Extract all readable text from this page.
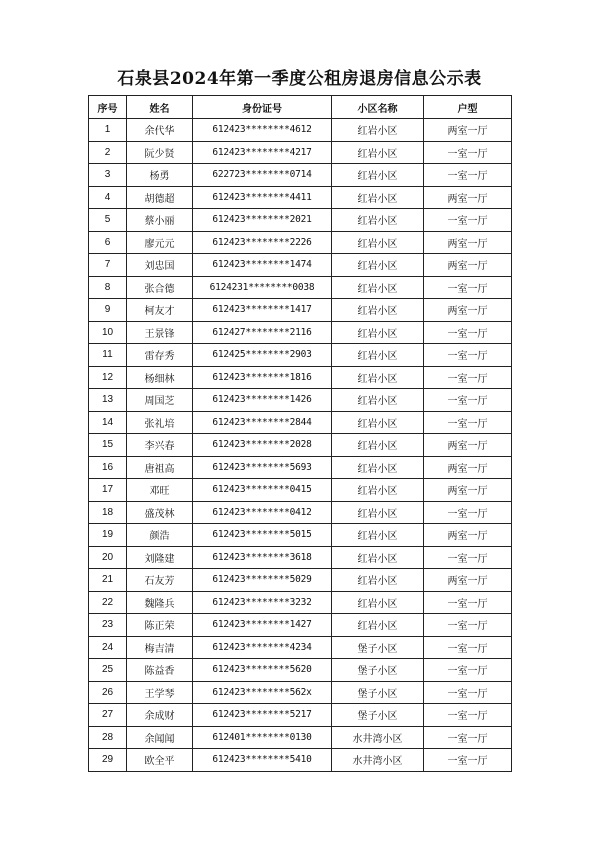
石泉县2024年第一季度公租房退房信息公示表
序号	姓名	身份证号	小区名称	户型
1	余代华	612423********4612	红岩小区	两室一厅
2	阮少贤	612423********4217	红岩小区	一室一厅
3	杨勇	622723********0714	红岩小区	一室一厅
4	胡德超	612423********4411	红岩小区	两室一厅
5	蔡小丽	612423********2021	红岩小区	一室一厅
6	廖元元	612423********2226	红岩小区	两室一厅
7	刘忠国	612423********1474	红岩小区	两室一厅
8	张合德	6124231********0038	红岩小区	一室一厅
9	柯友才	612423********1417	红岩小区	两室一厅
10	王景锋	612427********2116	红岩小区	一室一厅
11	雷存秀	612425********2903	红岩小区	一室一厅
12	杨细林	612423********1816	红岩小区	一室一厅
13	周国芝	612423********1426	红岩小区	一室一厅
14	张礼培	612423********2844	红岩小区	一室一厅
15	李兴春	612423********2028	红岩小区	两室一厅
16	唐祖高	612423********5693	红岩小区	两室一厅
17	邓旺	612423********0415	红岩小区	两室一厅
18	盛茂林	612423********0412	红岩小区	一室一厅
19	颜浩	612423********5015	红岩小区	两室一厅
20	刘隆建	612423********3618	红岩小区	一室一厅
21	石友芳	612423********5029	红岩小区	两室一厅
22	魏隆兵	612423********3232	红岩小区	一室一厅
23	陈正荣	612423********1427	红岩小区	一室一厅
24	梅吉清	612423********4234	堡子小区	一室一厅
25	陈益香	612423********5620	堡子小区	一室一厅
26	王学琴	612423********562x	堡子小区	一室一厅
27	余成财	612423********5217	堡子小区	一室一厅
28	余闻闻	612401********0130	水井湾小区	一室一厅
29	欧全平	612423********5410	水井湾小区	一室一厅
